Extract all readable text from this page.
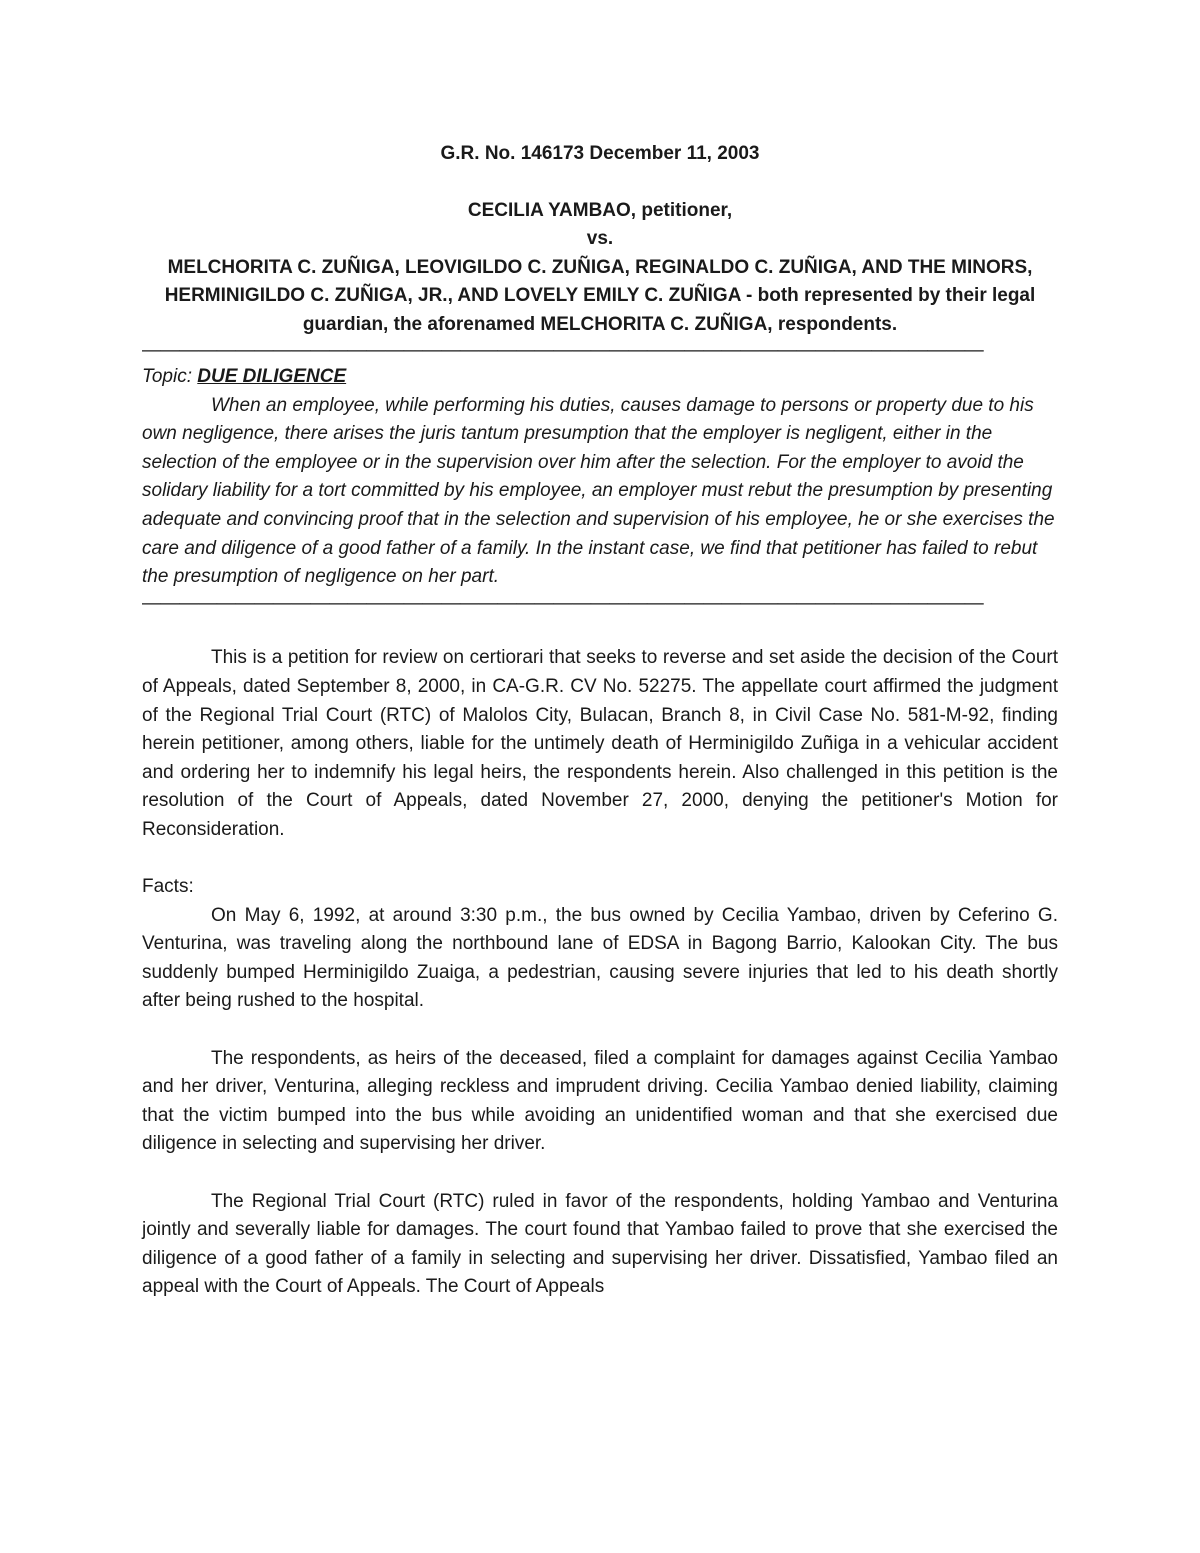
G.R. No. 146173 December 11, 2003

CECILIA YAMBAO, petitioner,

vs.

MELCHORITA C. ZUÑIGA, LEOVIGILDO C. ZUÑIGA, REGINALDO C. ZUÑIGA, AND THE MINORS, HERMINIGILDO C. ZUÑIGA, JR., AND LOVELY EMILY C. ZUÑIGA - both represented by their legal guardian, the aforenamed MELCHORITA C. ZUÑIGA, respondents.

—————————————————————————————————————————————
Topic: DUE DILIGENCE

When an employee, while performing his duties, causes damage to persons or property due to his own negligence, there arises the juris tantum presumption that the employer is negligent, either in the selection of the employee or in the supervision over him after the selection. For the employer to avoid the solidary liability for a tort committed by his employee, an employer must rebut the presumption by presenting adequate and convincing proof that in the selection and supervision of his employee, he or she exercises the care and diligence of a good father of a family. In the instant case, we find that petitioner has failed to rebut the presumption of negligence on her part.

—————————————————————————————————————————————

This is a petition for review on certiorari that seeks to reverse and set aside the decision of the Court of Appeals, dated September 8, 2000, in CA-G.R. CV No. 52275. The appellate court affirmed the judgment of the Regional Trial Court (RTC) of Malolos City, Bulacan, Branch 8, in Civil Case No. 581-M-92, finding herein petitioner, among others, liable for the untimely death of Herminigildo Zuñiga in a vehicular accident and ordering her to indemnify his legal heirs, the respondents herein. Also challenged in this petition is the resolution of the Court of Appeals, dated November 27, 2000, denying the petitioner's Motion for Reconsideration.

Facts:

On May 6, 1992, at around 3:30 p.m., the bus owned by Cecilia Yambao, driven by Ceferino G. Venturina, was traveling along the northbound lane of EDSA in Bagong Barrio, Kalookan City. The bus suddenly bumped Herminigildo Zuaiga, a pedestrian, causing severe injuries that led to his death shortly after being rushed to the hospital.

The respondents, as heirs of the deceased, filed a complaint for damages against Cecilia Yambao and her driver, Venturina, alleging reckless and imprudent driving. Cecilia Yambao denied liability, claiming that the victim bumped into the bus while avoiding an unidentified woman and that she exercised due diligence in selecting and supervising her driver.

The Regional Trial Court (RTC) ruled in favor of the respondents, holding Yambao and Venturina jointly and severally liable for damages. The court found that Yambao failed to prove that she exercised the diligence of a good father of a family in selecting and supervising her driver. Dissatisfied, Yambao filed an appeal with the Court of Appeals. The Court of Appeals
